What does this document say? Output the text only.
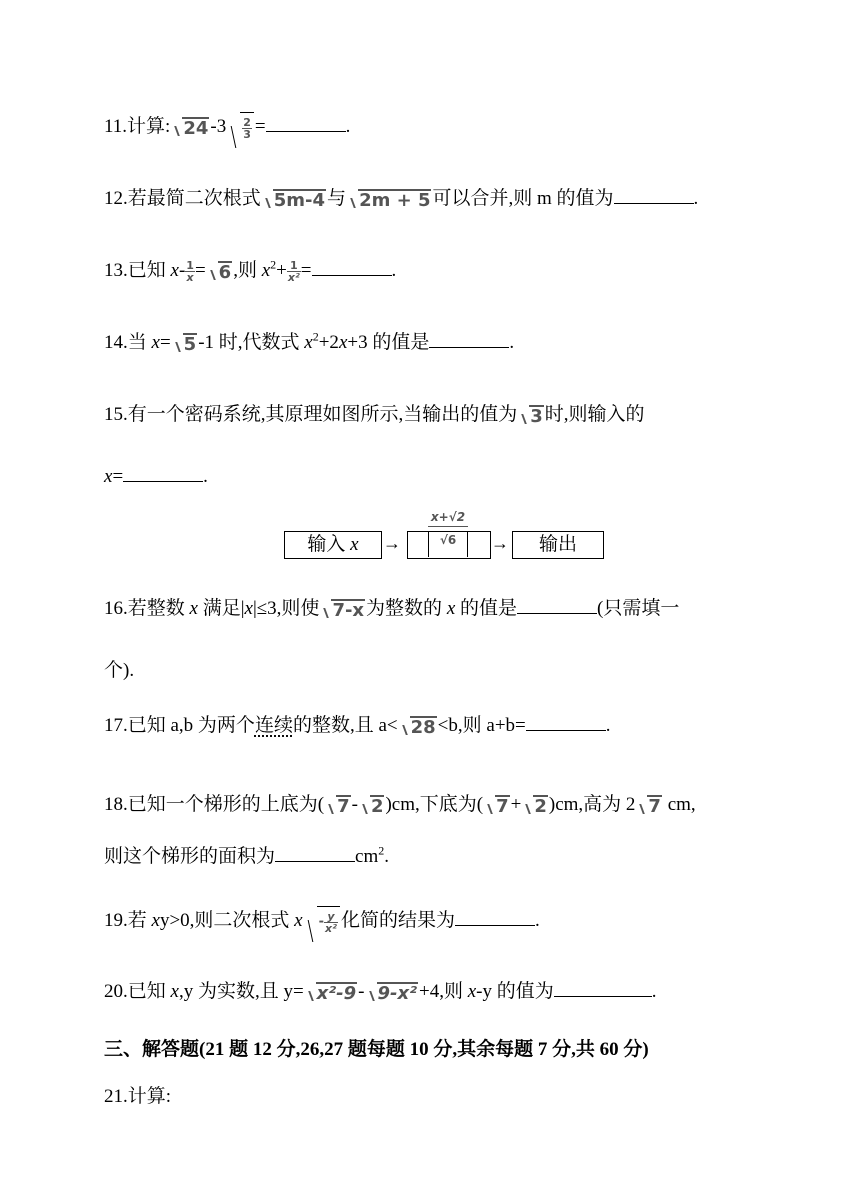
11.计算: 24 $-3 \frac{2}{3}$ =	.
12.若最简二次根式 5m-4 与 2m + 5 可以合并,则 m 的值为	.
13.已知 $x- \frac{1}{x} = 6$ ,则 $x^2+ \frac{1}{\text{x²}}$ =	.
14.当 x= 5 -1 时,代数式 $x^2+2x+3$ 的值是	.
15.有一个密码系统,其原理如图所示,当输出的值为 3 时,则输入的
x=	.
输入 x	→
x+√2
√6	→	输出
16.若整数 x 满足|x|≤3,则使 7-x 为整数的 x 的值是	(只需填一
个).
17.已知 a,b 为两个连续的整数,且 a< 28 <b,则 a+b=	.
18.已知一个梯形的上底为( 7 - 2 )cm,下底为( 7 + 2 )cm,高为 2 7 cm,
则这个梯形的面积为	$cm^2$.
19.若 xy>0,则二次根式 x - $\frac{y}{\text{x²}}$ 化简的结果为	.
20.已知 x,y 为实数,且 y= x²-9 - 9-x² +4,则 x-y 的值为	.
三、解答题(21 题 12 分,26,27 题每题 10 分,其余每题 7 分,共 60 分)
21.计算:
